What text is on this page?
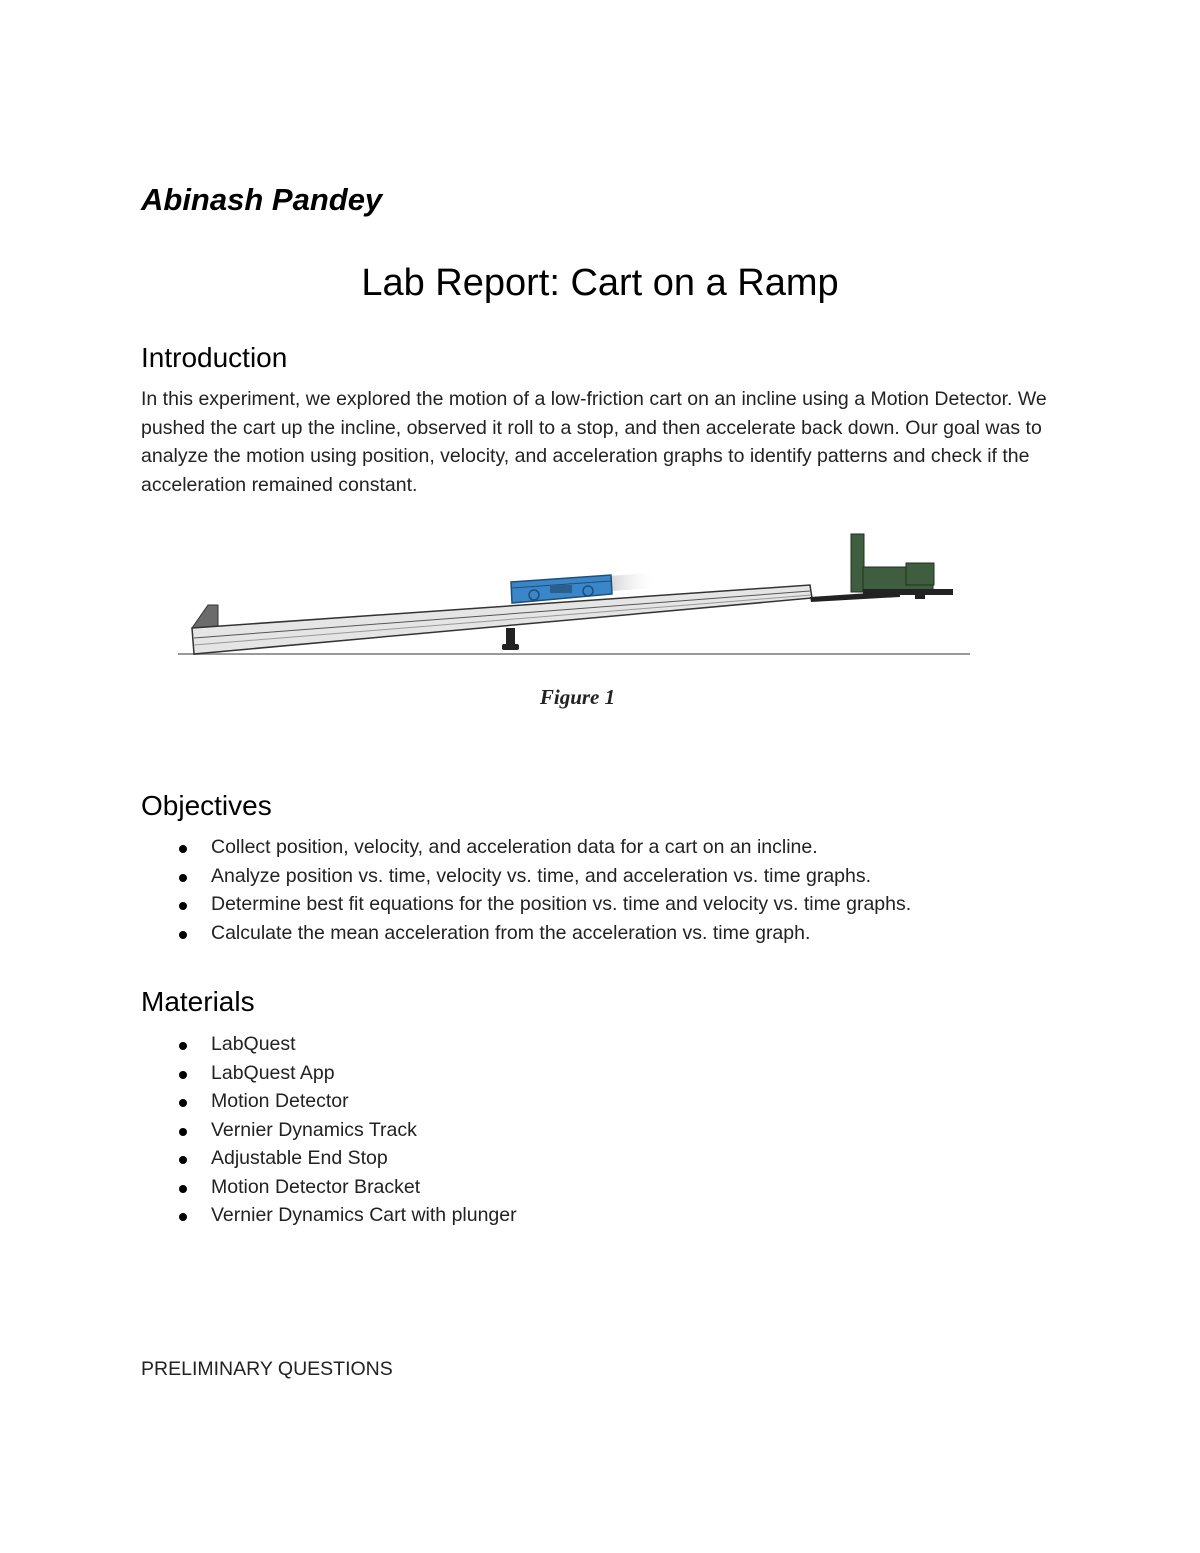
Abinash Pandey
Lab Report: Cart on a Ramp
Introduction

In this experiment, we explored the motion of a low-friction cart on an incline using a Motion Detector. We pushed the cart up the incline, observed it roll to a stop, and then accelerate back down. Our goal was to analyze the motion using position, velocity, and acceleration graphs to identify patterns and check if the acceleration remained constant.

Figure 1
Objectives
Collect position, velocity, and acceleration data for a cart on an incline.
Analyze position vs. time, velocity vs. time, and acceleration vs. time graphs.
Determine best fit equations for the position vs. time and velocity vs. time graphs.
Calculate the mean acceleration from the acceleration vs. time graph.
Materials
LabQuest
LabQuest App
Motion Detector
Vernier Dynamics Track
Adjustable End Stop
Motion Detector Bracket
Vernier Dynamics Cart with plunger

PRELIMINARY QUESTIONS
